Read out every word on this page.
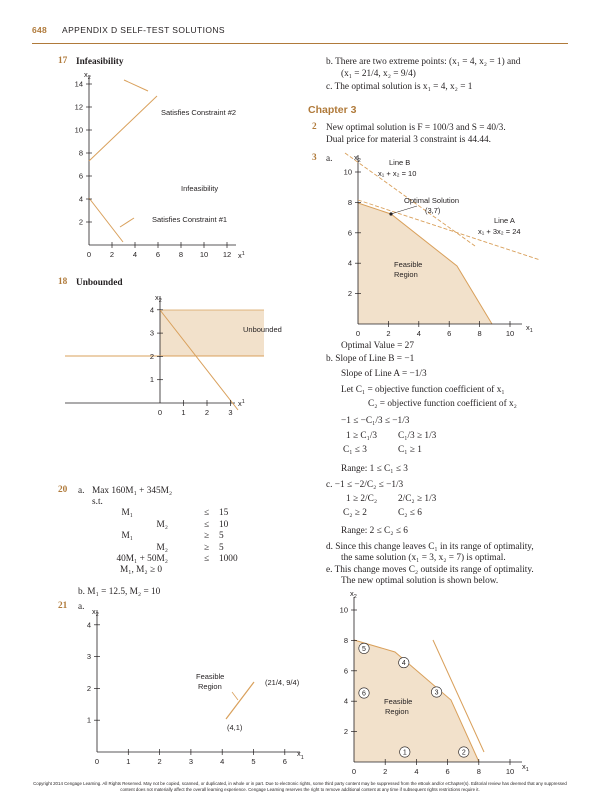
648 APPENDIX D SELF-TEST SOLUTIONS
17 Infeasibility
18 Unbounded
20 a. Max 160M₁ + 345M₂
s.t.
M₁	≤ 15
M₂	≤ 10
M₁	≥ 5
M₂	≥ 5
40M₁ + 50M₂	≤ 1000
M₁, M₂ ≥ 0
b. M₁ = 12.5, M₂ = 10
21 a.
b. There are two extreme points: (x₁ = 4, x₂ = 1) and
(x₁ = 21/4, x₂ = 9/4)
c. The optimal solution is x₁ = 4, x₂ = 1
Chapter 3
2 New optimal solution is F = 100/3 and S = 40/3.
Dual price for material 3 constraint is 44.44.
3 a.
Optimal Value = 27
b. Slope of Line B = −1
Slope of Line A = −1/3
Let C₁ = objective function coefficient of x₁
C₂ = objective function coefficient of x₂
−1 ≤ −C₁/3 ≤ −1/3
1 ≥ C₁/3 C₁/3 ≥ 1/3
C₁ ≤ 3	C₁ ≥ 1
Range: 1 ≤ C₁ ≤ 3
c. −1 ≤ −2/C₂ ≤ −1/3
1 ≥ 2/C₂ 2/C₂ ≥ 1/3
C₂ ≥ 2	C₂ ≤ 6
Range: 2 ≤ C₂ ≤ 6
d. Since this change leaves C₁ in its range of optimality,
the same solution (x₁ = 3, x₂ = 7) is optimal.
e. This change moves C₂ outside its range of optimality.
The new optimal solution is shown below.
$x_2$
$x^1$
Satisfies Constraint #2
Infeasibility
Satisfies Constraint #1
$x_2$
$x^1$
Unbounded
$x_2$
$x_1$
Feasible
Region	(21/4, 9/4)
(4,1)
$x_2$
$x_1$
Line B
x₁ + x₂ = 10
Optimal Solution
(3,7)
Line A
x₁ + 3x₂ = 24
Feasible
Region
$x_2$
$x_1$
Feasible
Region
1	2
3
4
5
6
0	2	4	6	8 10 12
2
4
6
8
10
12
14
0	1	2	3
1
2
3
4
0	1	2	3	4	5	6
1
2
3
4
0	2	4	6	8	10
2
4
6
8
10
0	2	4	6	8	10
2
4
6
8
10
Copyright 2014 Cengage Learning. All Rights Reserved. May not be copied, scanned, or duplicated, in whole or in part. Due to electronic rights, some third party content may be suppressed from the eBook and/or eChapter(s). Editorial review has deemed that any suppressed content does not materially affect the overall learning experience. Cengage Learning reserves the right to remove additional content at any time if subsequent rights restrictions require it.
